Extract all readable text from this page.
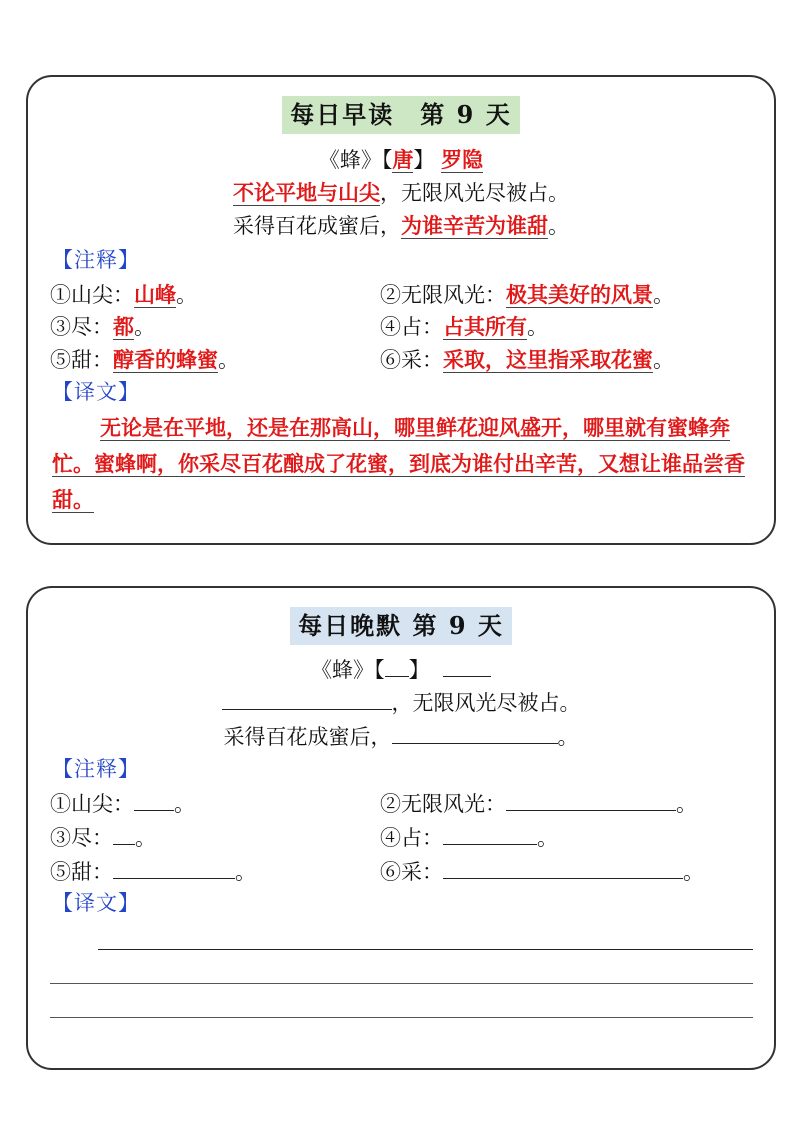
每日早读　第 9 天
《蜂》【唐】 罗隐
不论平地与山尖，无限风光尽被占。
采得百花成蜜后，为谁辛苦为谁甜。
【注释】
①山尖：山峰。	②无限风光：极其美好的风景。
③尽：都。	④占：占其所有。
⑤甜：醇香的蜂蜜。	⑥采：采取，这里指采取花蜜。
【译文】
无论是在平地，还是在那高山，哪里鲜花迎风盛开，哪里就有蜜蜂奔忙。蜜蜂啊，你采尽百花酿成了花蜜，到底为谁付出辛苦，又想让谁品尝香甜。
每日晚默 第 9 天
《蜂》【 】
，无限风光尽被占。
采得百花成蜜后，	。
【注释】
①山尖： 。	②无限风光：	。
③尽： 。	④占：	。
⑤甜：	。	⑥采：	。
【译文】
